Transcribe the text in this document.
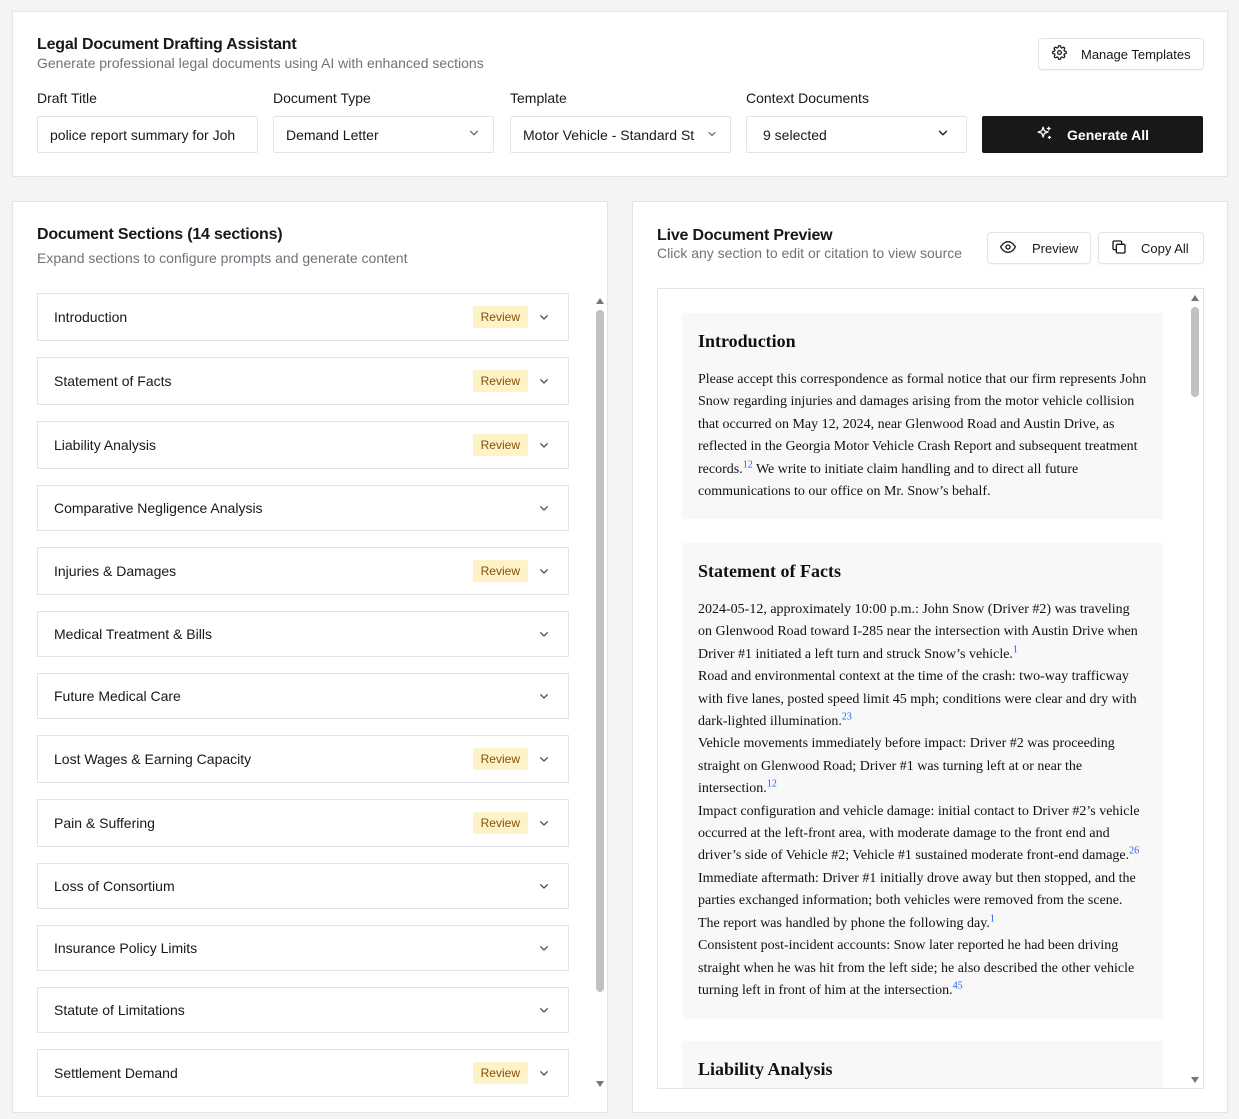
Legal Document Drafting Assistant
Generate professional legal documents using AI with enhanced sections
Manage Templates
Draft Title
police report summary for Joh	Document Type
Demand Letter
Template
Motor Vehicle - Standard St
Context Documents
9 selected	Generate All
Document Sections (14 sections)
Expand sections to configure prompts and generate content
Introduction	Review
Statement of Facts	Review
Liability Analysis	Review
Comparative Negligence Analysis
Injuries & Damages	Review
Medical Treatment & Bills
Future Medical Care
Lost Wages & Earning Capacity	Review
Pain & Suffering	Review
Loss of Consortium
Insurance Policy Limits
Statute of Limitations
Settlement Demand	Review
Live Document Preview
Click any section to edit or citation to view source	Preview	Copy All
Liability Analysis
Statement of Facts

2024-05-12, approximately 10:00 p.m.: John Snow (Driver #2) was traveling on Glenwood Road toward I-285 near the intersection with Austin Drive when Driver #1 initiated a left turn and struck Snow’s vehicle.$^1$

Road and environmental context at the time of the crash: two-way trafficway with five lanes, posted speed limit 45 mph; conditions were clear and dry with dark-lighted illumination.$^{23}$

Vehicle movements immediately before impact: Driver #2 was proceeding straight on Glenwood Road; Driver #1 was turning left at or near the intersection.$^{12}$

Impact configuration and vehicle damage: initial contact to Driver #2’s vehicle occurred at the left-front area, with moderate damage to the front end and driver’s side of Vehicle #2; Vehicle #1 sustained moderate front-end damage.$^{26}$

Immediate aftermath: Driver #1 initially drove away but then stopped, and the parties exchanged information; both vehicles were removed from the scene. The report was handled by phone the following day.$^1$

Consistent post-incident accounts: Snow later reported he had been driving straight when he was hit from the left side; he also described the other vehicle turning left in front of him at the intersection.$^{45}$

Introduction

Please accept this correspondence as formal notice that our firm represents John Snow regarding injuries and damages arising from the motor vehicle collision that occurred on May 12, 2024, near Glenwood Road and Austin Drive, as reflected in the Georgia Motor Vehicle Crash Report and subsequent treatment records.$^{12}$ We write to initiate claim handling and to direct all future communications to our office on Mr. Snow’s behalf.
